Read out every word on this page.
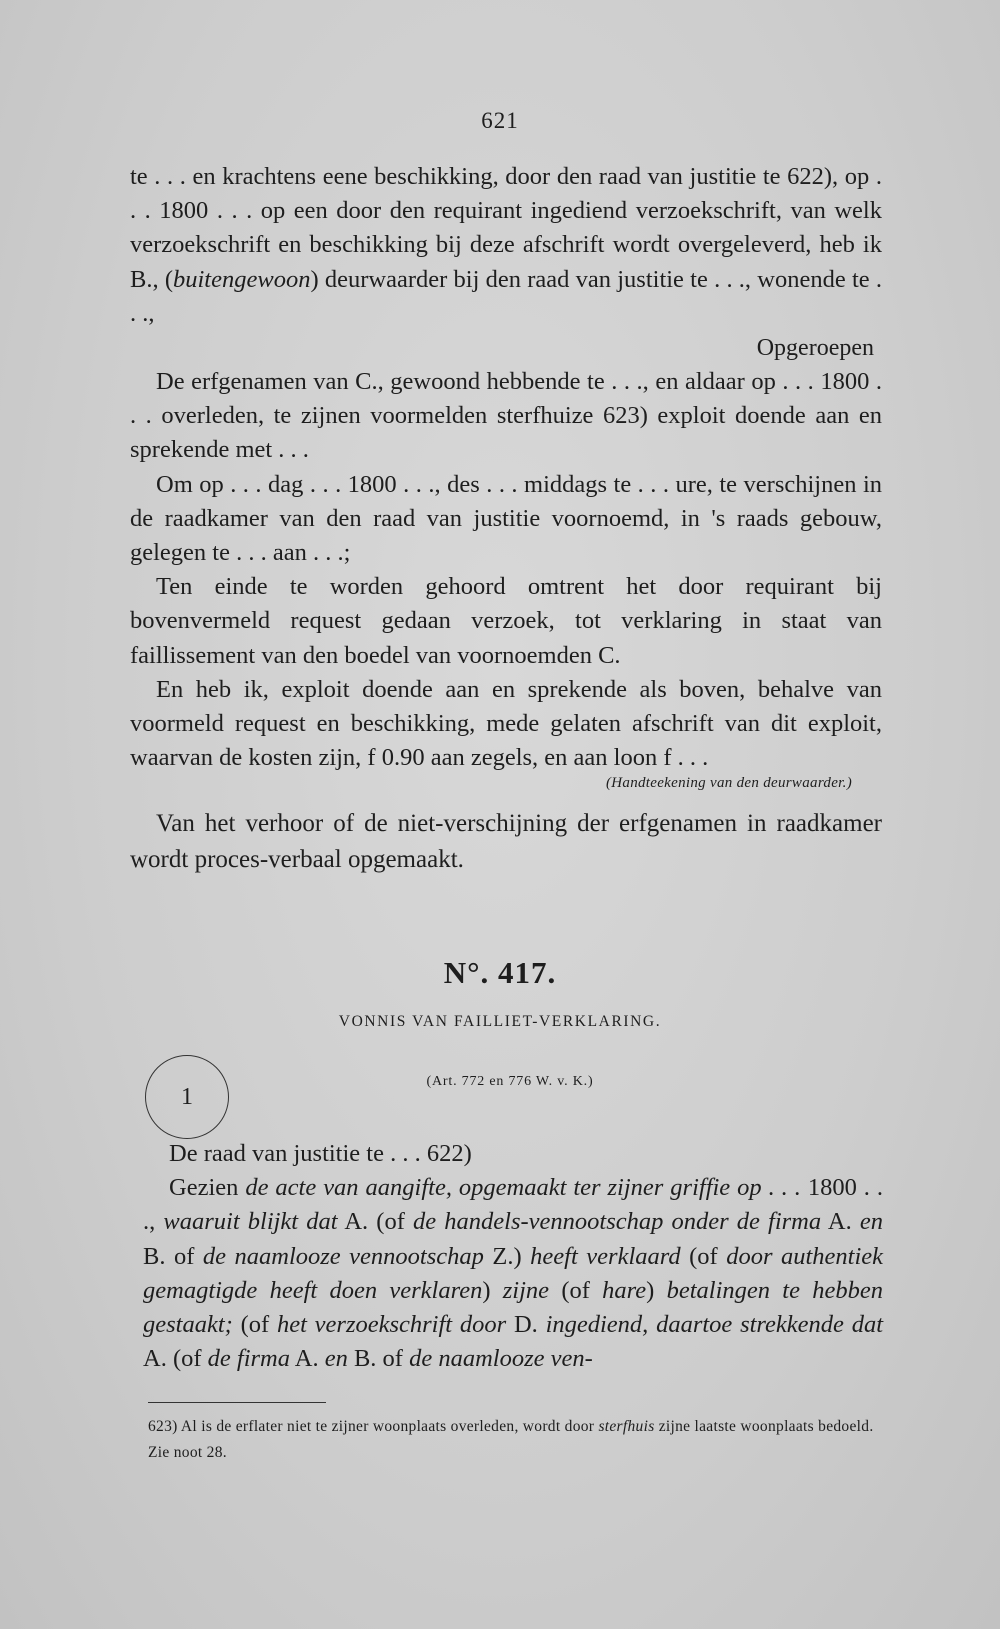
621

te . . . en krachtens eene beschikking, door den raad van justitie te 622), op . . . 1800 . . . op een door den requirant ingediend verzoekschrift, van welk verzoekschrift en beschikking bij deze afschrift wordt overgeleverd, heb ik B., (buitengewoon) deurwaarder bij den raad van justitie te . . ., wonende te . . .,

Opgeroepen

De erfgenamen van C., gewoond hebbende te . . ., en aldaar op . . . 1800 . . . overleden, te zijnen voormelden sterfhuize 623) exploit doende aan en sprekende met . . .

Om op . . . dag . . . 1800 . . ., des . . . middags te . . . ure, te verschijnen in de raadkamer van den raad van justitie voornoemd, in 's raads gebouw, gelegen te . . . aan . . .;

Ten einde te worden gehoord omtrent het door requirant bij bovenvermeld request gedaan verzoek, tot verklaring in staat van faillissement van den boedel van voornoemden C.

En heb ik, exploit doende aan en sprekende als boven, behalve van voormeld request en beschikking, mede gelaten afschrift van dit exploit, waarvan de kosten zijn, f 0.90 aan zegels, en aan loon f . . .

(Handteekening van den deurwaarder.)

Van het verhoor of de niet-verschijning der erfgenamen in raadkamer wordt proces-verbaal opgemaakt.

N°. 417.
VONNIS VAN FAILLIET-VERKLARING.
1
(Art. 772 en 776 W. v. K.)

De raad van justitie te . . . 622)

Gezien de acte van aangifte, opgemaakt ter zijner griffie op . . . 1800 . . ., waaruit blijkt dat A. (of de handels-vennootschap onder de firma A. en B. of de naamlooze vennootschap Z.) heeft verklaard (of door authentiek gemagtigde heeft doen verklaren) zijne (of hare) betalingen te hebben gestaakt; (of het verzoekschrift door D. ingediend, daartoe strekkende dat A. (of de firma A. en B. of de naamlooze ven-

623) Al is de erflater niet te zijner woonplaats overleden, wordt door sterfhuis zijne laatste woonplaats bedoeld. Zie noot 28.
